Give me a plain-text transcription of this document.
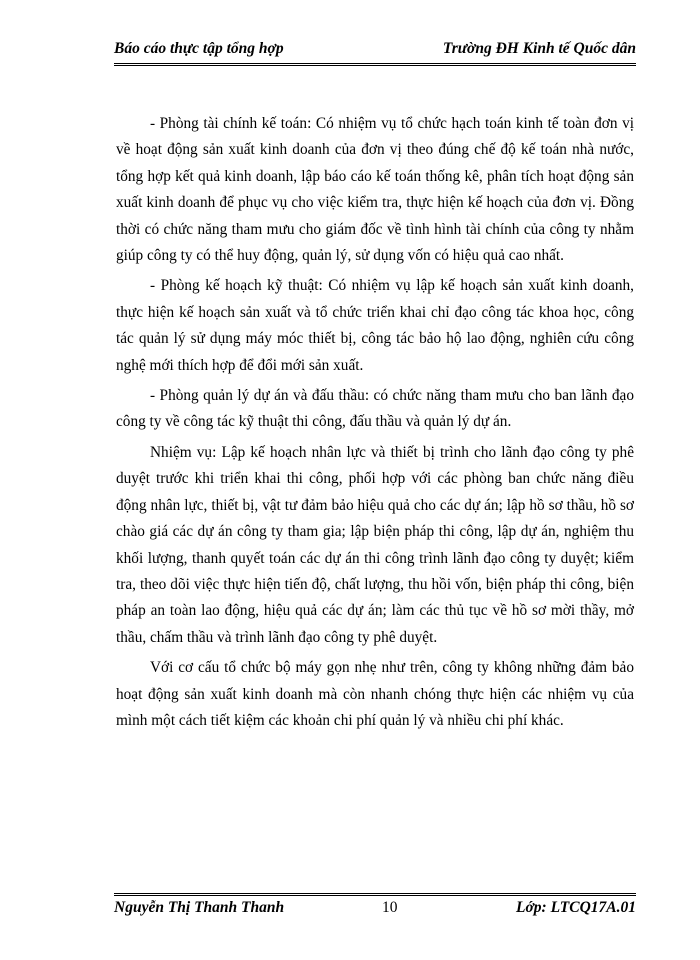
Báo cáo thực tập tổng hợp	Trường ĐH Kinh tế Quốc dân

- Phòng tài chính kế toán: Có nhiệm vụ tổ chức hạch toán kinh tế toàn đơn vị về hoạt động sản xuất kinh doanh của đơn vị theo đúng chế độ kế toán nhà nước, tổng hợp kết quả kinh doanh, lập báo cáo kế toán thống kê, phân tích hoạt động sản xuất kinh doanh để phục vụ cho việc kiểm tra, thực hiện kế hoạch của đơn vị. Đồng thời có chức năng tham mưu cho giám đốc về tình hình tài chính của công ty nhằm giúp công ty có thể huy động, quản lý, sử dụng vốn có hiệu quả cao nhất.

- Phòng kế hoạch kỹ thuật: Có nhiệm vụ lập kế hoạch sản xuất kinh doanh, thực hiện kế hoạch sản xuất và tổ chức triển khai chỉ đạo công tác khoa học, công tác quản lý sử dụng máy móc thiết bị, công tác bảo hộ lao động, nghiên cứu công nghệ mới thích hợp để đổi mới sản xuất.

- Phòng quản lý dự án và đấu thầu: có chức năng tham mưu cho ban lãnh đạo công ty về công tác kỹ thuật thi công, đấu thầu và quản lý dự án.

Nhiệm vụ: Lập kế hoạch nhân lực và thiết bị trình cho lãnh đạo công ty phê duyệt trước khi triển khai thi công, phối hợp với các phòng ban chức năng điều động nhân lực, thiết bị, vật tư đảm bảo hiệu quả cho các dự án; lập hồ sơ thầu, hồ sơ chào giá các dự án công ty tham gia; lập biện pháp thi công, lập dự án, nghiệm thu khối lượng, thanh quyết toán các dự án thi công trình lãnh đạo công ty duyệt; kiểm tra, theo dõi việc thực hiện tiến độ, chất lượng, thu hồi vốn, biện pháp thi công, biện pháp an toàn lao động, hiệu quả các dự án; làm các thủ tục về hồ sơ mời thầy, mở thầu, chấm thầu và trình lãnh đạo công ty phê duyệt.

Với cơ cấu tổ chức bộ máy gọn nhẹ như trên, công ty không những đảm bảo hoạt động sản xuất kinh doanh mà còn nhanh chóng thực hiện các nhiệm vụ của mình một cách tiết kiệm các khoản chi phí quản lý và nhiều chi phí khác.

Nguyễn Thị Thanh Thanh	10	Lớp: LTCQ17A.01
